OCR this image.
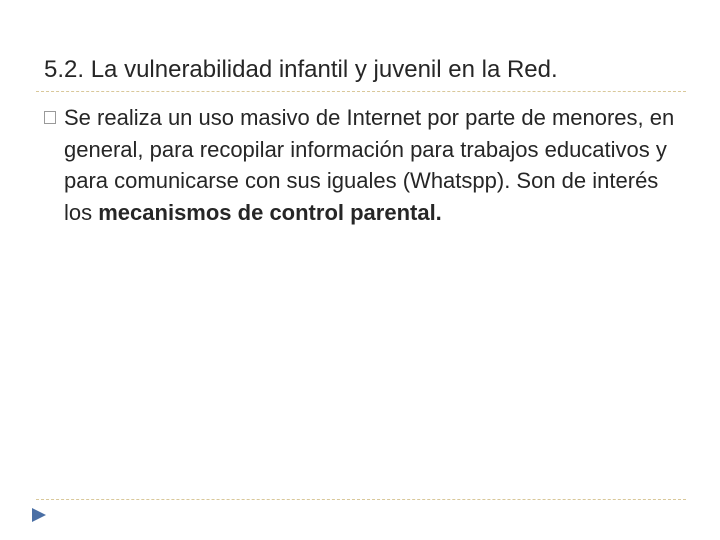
5.2. La vulnerabilidad infantil y juvenil en la Red.
Se realiza un uso masivo de Internet por parte de menores, en general, para recopilar información para trabajos educativos y para comunicarse con sus iguales (Whatspp). Son de interés los mecanismos de control parental.
